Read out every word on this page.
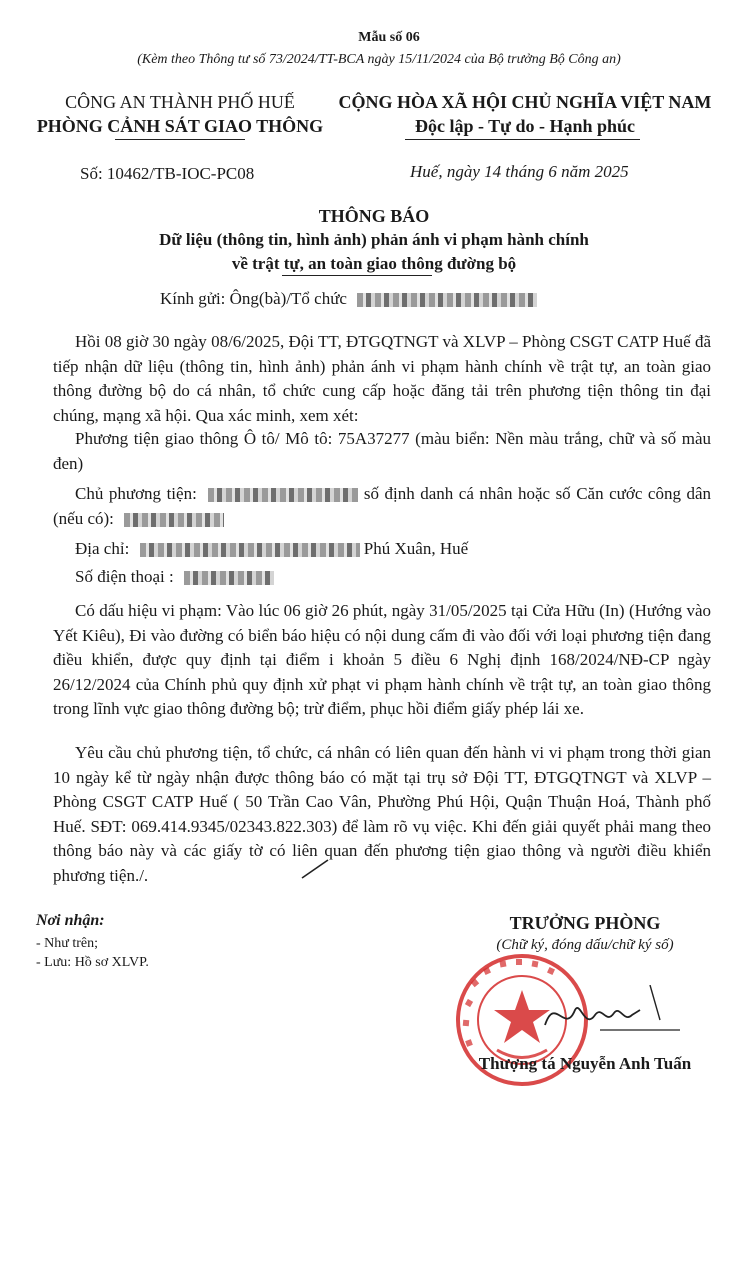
Mẫu số 06
(Kèm theo Thông tư số 73/2024/TT-BCA ngày 15/11/2024 của Bộ trưởng Bộ Công an)
CÔNG AN THÀNH PHỐ HUẾ
PHÒNG CẢNH SÁT GIAO THÔNG
CỘNG HÒA XÃ HỘI CHỦ NGHĨA VIỆT NAM
Độc lập - Tự do - Hạnh phúc
Số: 10462/TB-IOC-PC08	Huế, ngày 14 tháng 6 năm 2025
THÔNG BÁO
Dữ liệu (thông tin, hình ảnh) phản ánh vi phạm hành chính
về trật tự, an toàn giao thông đường bộ
Kính gửi: Ông(bà)/Tổ chức
Hồi 08 giờ 30 ngày 08/6/2025, Đội TT, ĐTGQTNGT và XLVP – Phòng CSGT CATP Huế đã tiếp nhận dữ liệu (thông tin, hình ảnh) phản ánh vi phạm hành chính về trật tự, an toàn giao thông đường bộ do cá nhân, tổ chức cung cấp hoặc đăng tải trên phương tiện thông tin đại chúng, mạng xã hội. Qua xác minh, xem xét:
Phương tiện giao thông Ô tô/ Mô tô: 75A37277 (màu biển: Nền màu trắng, chữ và số màu đen)
Chủ phương tiện:	số định danh cá nhân hoặc số Căn cước công dân (nếu có):
Địa chỉ:	Phú Xuân, Huế
Số điện thoại :
Có dấu hiệu vi phạm: Vào lúc 06 giờ 26 phút, ngày 31/05/2025 tại Cửa Hữu (In) (Hướng vào Yết Kiêu), Đi vào đường có biển báo hiệu có nội dung cấm đi vào đối với loại phương tiện đang điều khiển, được quy định tại điểm i khoản 5 điều 6 Nghị định 168/2024/NĐ-CP ngày 26/12/2024 của Chính phủ quy định xử phạt vi phạm hành chính về trật tự, an toàn giao thông trong lĩnh vực giao thông đường bộ; trừ điểm, phục hồi điểm giấy phép lái xe.
Yêu cầu chủ phương tiện, tổ chức, cá nhân có liên quan đến hành vi vi phạm trong thời gian 10 ngày kể từ ngày nhận được thông báo có mặt tại trụ sở Đội TT, ĐTGQTNGT và XLVP – Phòng CSGT CATP Huế ( 50 Trần Cao Vân, Phường Phú Hội, Quận Thuận Hoá, Thành phố Huế. SĐT: 069.414.9345/02343.822.303) để làm rõ vụ việc. Khi đến giải quyết phải mang theo thông báo này và các giấy tờ có liên quan đến phương tiện giao thông và người điều khiển phương tiện./.
Nơi nhận:
- Như trên;
- Lưu: Hồ sơ XLVP.
TRƯỞNG PHÒNG
(Chữ ký, đóng dấu/chữ ký số)
Thượng tá Nguyễn Anh Tuấn
